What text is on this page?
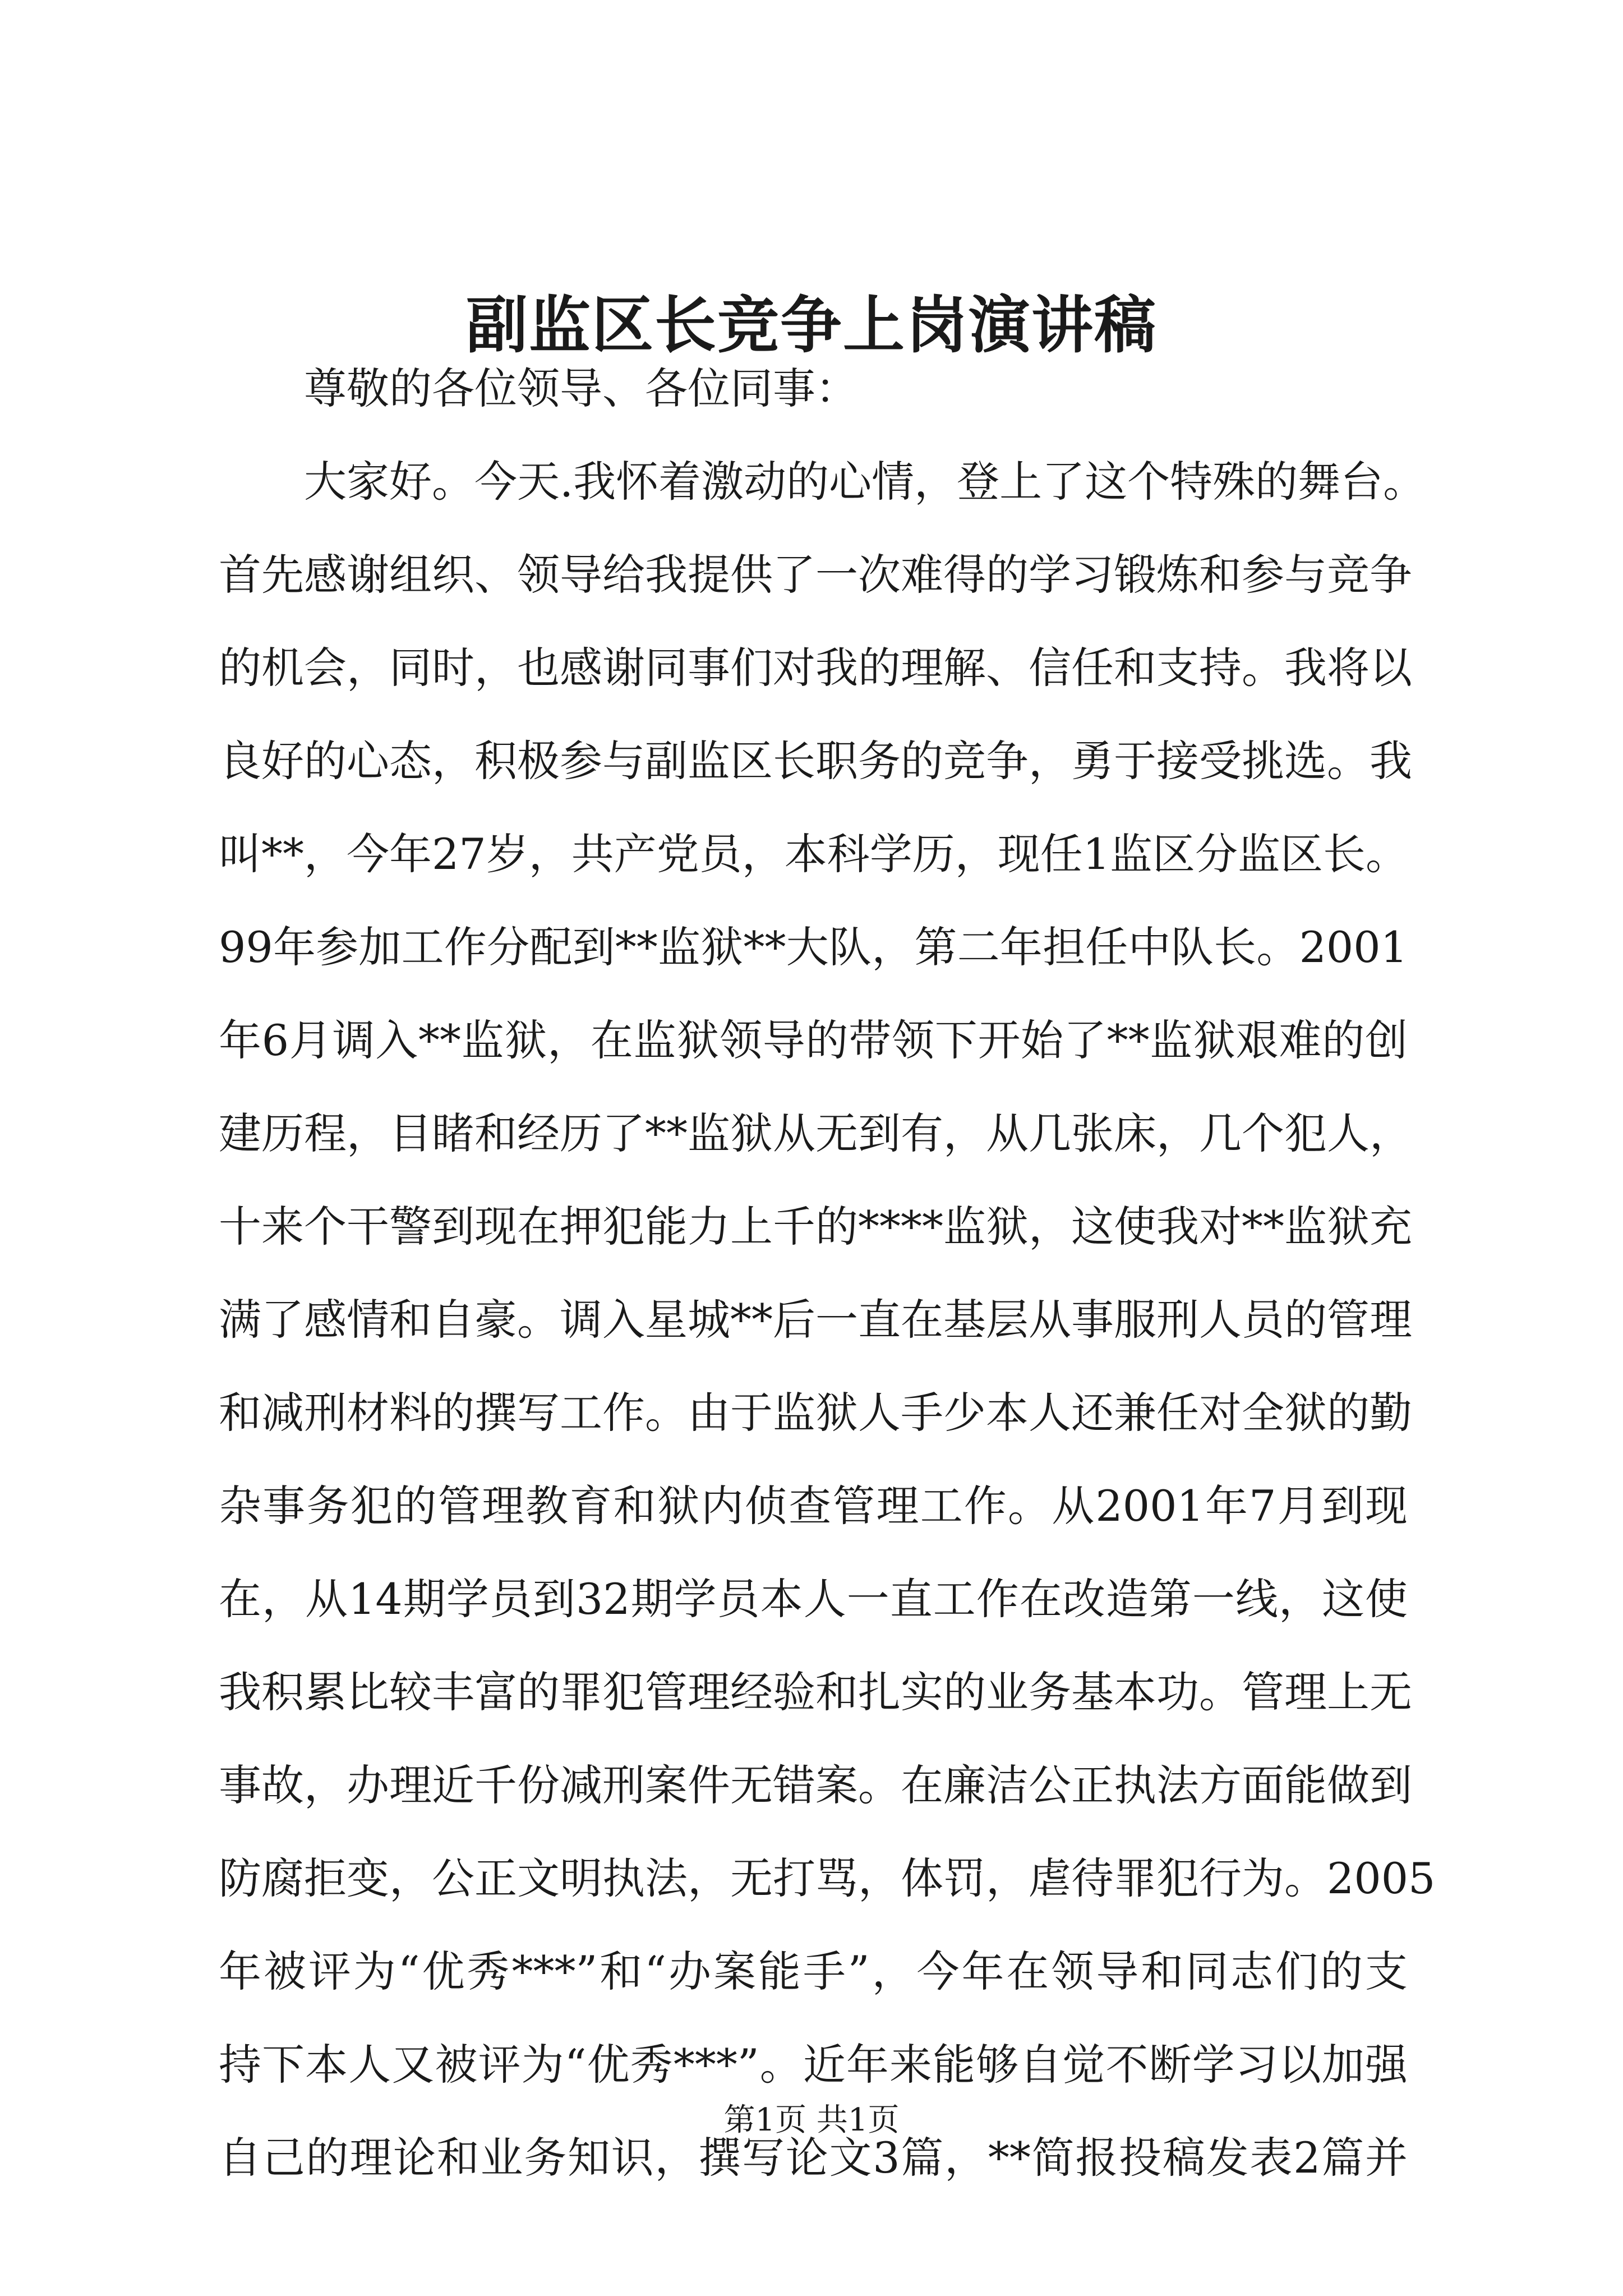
副监区长竞争上岗演讲稿

尊敬的各位领导、各位同事：

大家好。今天.我怀着激动的心情，登上了这个特殊的舞台。

首先感谢组织、领导给我提供了一次难得的学习锻炼和参与竞争

的机会，同时，也感谢同事们对我的理解、信任和支持。我将以

良好的心态，积极参与副监区长职务的竞争，勇于接受挑选。我

叫**，今年27岁，共产党员，本科学历，现任1监区分监区长。

99年参加工作分配到**监狱**大队，第二年担任中队长。2001

年6月调入**监狱，在监狱领导的带领下开始了**监狱艰难的创

建历程，目睹和经历了**监狱从无到有，从几张床，几个犯人，

十来个干警到现在押犯能力上千的****监狱，这使我对**监狱充

满了感情和自豪。调入星城**后一直在基层从事服刑人员的管理

和减刑材料的撰写工作。由于监狱人手少本人还兼任对全狱的勤

杂事务犯的管理教育和狱内侦查管理工作。从2001年7月到现

在，从14期学员到32期学员本人一直工作在改造第一线，这使

我积累比较丰富的罪犯管理经验和扎实的业务基本功。管理上无

事故，办理近千份减刑案件无错案。在廉洁公正执法方面能做到

防腐拒变，公正文明执法，无打骂，体罚，虐待罪犯行为。2005

年被评为“优秀***”和“办案能手”，今年在领导和同志们的支

持下本人又被评为“优秀***”。近年来能够自觉不断学习以加强

自己的理论和业务知识，撰写论文3篇，**简报投稿发表2篇并

第1页 共1页
